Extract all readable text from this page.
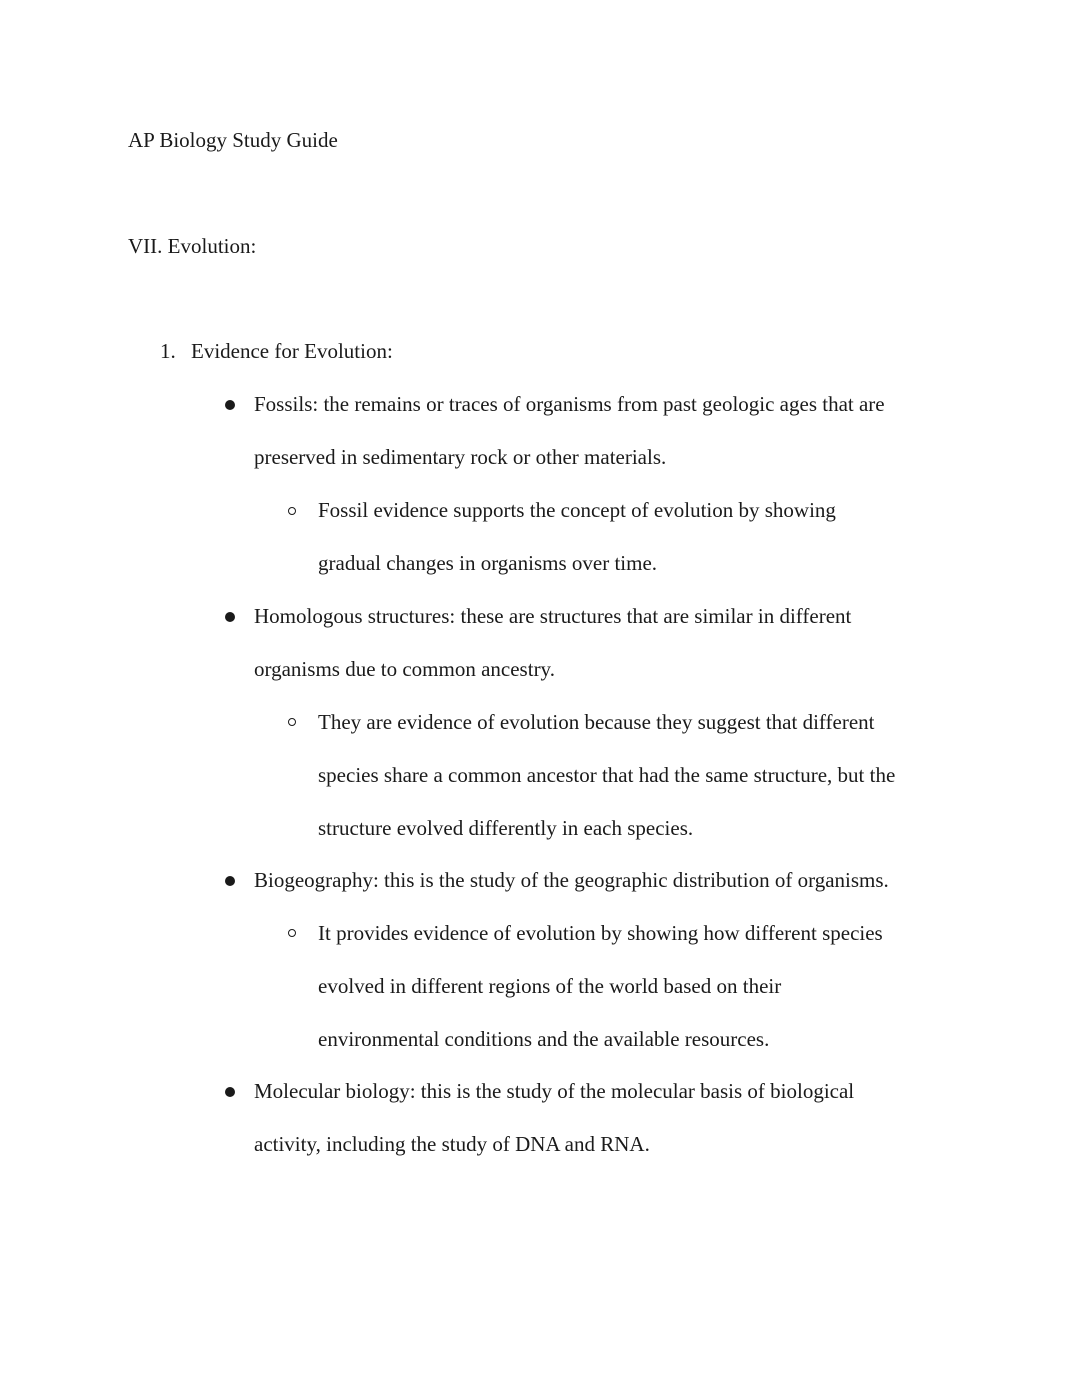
AP Biology Study Guide
VII. Evolution:
1. Evidence for Evolution:
Fossils: the remains or traces of organisms from past geologic ages that are
preserved in sedimentary rock or other materials.
Fossil evidence supports the concept of evolution by showing
gradual changes in organisms over time.
Homologous structures: these are structures that are similar in different
organisms due to common ancestry.
They are evidence of evolution because they suggest that different
species share a common ancestor that had the same structure, but the
structure evolved differently in each species.
Biogeography: this is the study of the geographic distribution of organisms.
It provides evidence of evolution by showing how different species
evolved in different regions of the world based on their
environmental conditions and the available resources.
Molecular biology: this is the study of the molecular basis of biological
activity, including the study of DNA and RNA.
